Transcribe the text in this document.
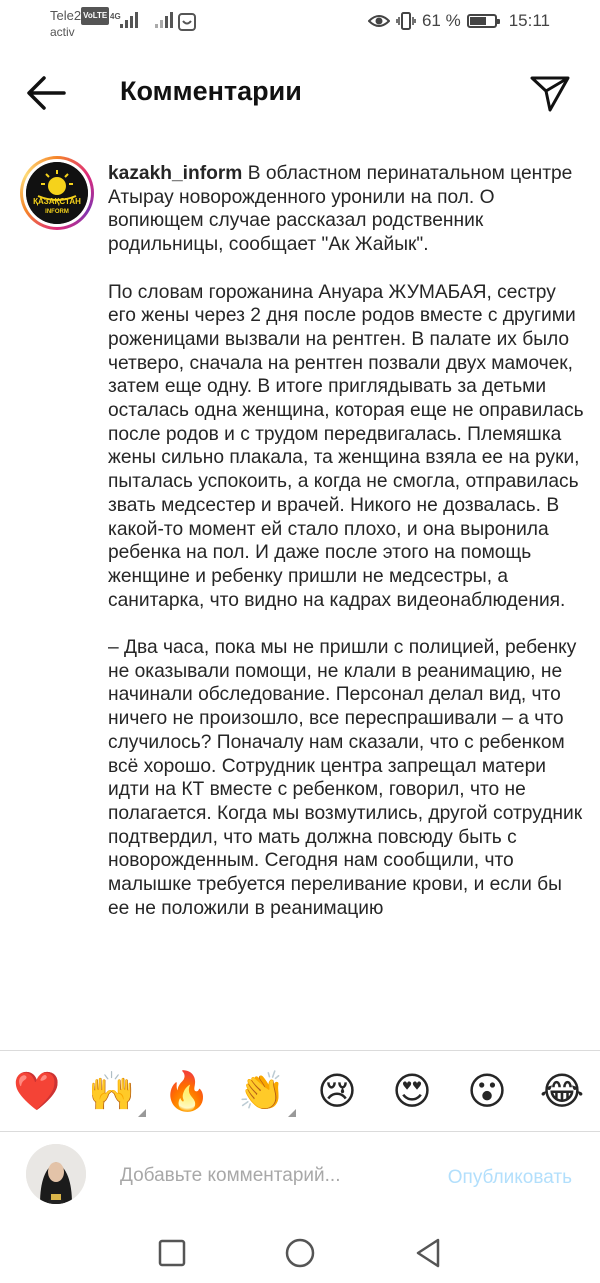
Tele2 VoLTE
activ
4G	61 %	15:11
Комментарии
ҚАЗАҚСТАН
INFORM
kazakh_inform В областном перинатальном центре Атырау новорожденного уронили на пол. О вопиющем случае рассказал родственник родильницы, сообщает "Ак Жайык".

По словам горожанина Ануара ЖУМАБАЯ, сестру его жены через 2 дня после родов вместе с другими роженицами вызвали на рентген. В палате их было четверо, сначала на рентген позвали двух мамочек, затем еще одну. В итоге приглядывать за детьми осталась одна женщина, которая еще не оправилась после родов и с трудом передвигалась. Племяшка жены сильно плакала, та женщина взяла ее на руки, пыталась успокоить, а когда не смогла, отправилась звать медсестер и врачей. Никого не дозвалась. В какой-то момент ей стало плохо, и она выронила ребенка на пол. И даже после этого на помощь женщине и ребенку пришли не медсестры, а санитарка, что видно на кадрах видеонаблюдения.

– Два часа, пока мы не пришли с полицией, ребенку не оказывали помощи, не клали в реанимацию, не начинали обследование. Персонал делал вид, что ничего не произошло, все переспрашивали – а что случилось? Поначалу нам сказали, что с ребенком всё хорошо. Сотрудник центра запрещал матери идти на КТ вместе с ребенком, говорил, что не полагается. Когда мы возмутились, другой сотрудник подтвердил, что мать должна повсюду быть с новорожденным. Сегодня нам сообщили, что малышке требуется переливание крови, и если бы ее не положили в реанимацию
❤️ 🙌 🔥 👏 😢 😍 😮 😂
Добавьте комментарий...
Опубликовать
